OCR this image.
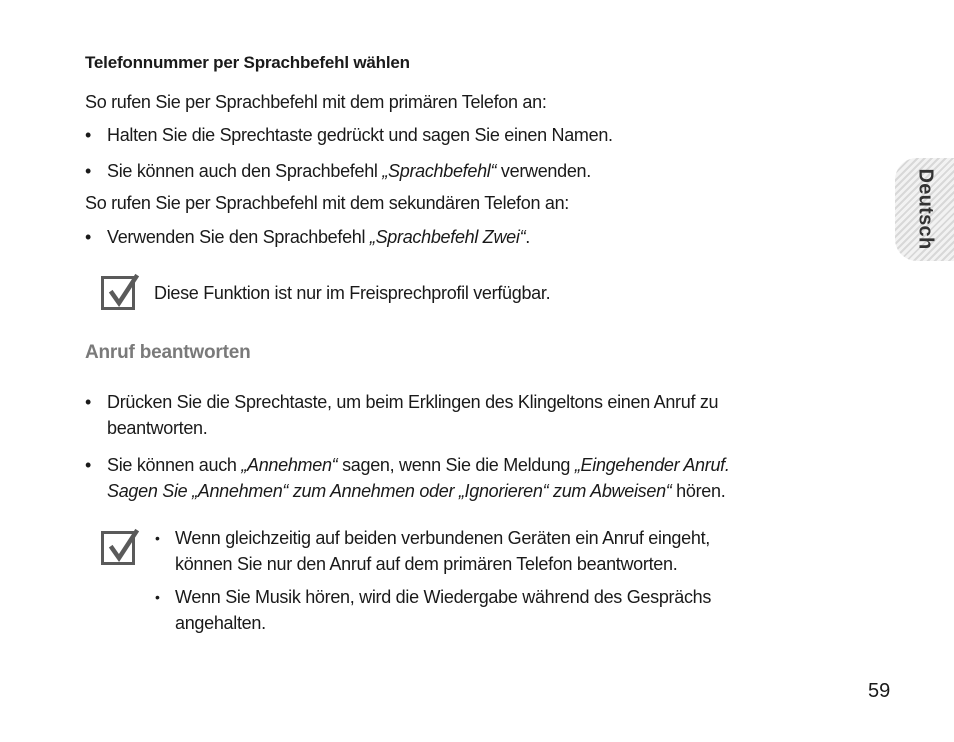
Telefonnummer per Sprachbefehl wählen
So rufen Sie per Sprachbefehl mit dem primären Telefon an:
• Halten Sie die Sprechtaste gedrückt und sagen Sie einen Namen.
• Sie können auch den Sprachbefehl „Sprachbefehl“ verwenden.
So rufen Sie per Sprachbefehl mit dem sekundären Telefon an:
• Verwenden Sie den Sprachbefehl „Sprachbefehl Zwei“.
Diese Funktion ist nur im Freisprechprofil verfügbar.
Anruf beantworten
• Drücken Sie die Sprechtaste, um beim Erklingen des Klingeltons einen Anruf zu
beantworten.
• Sie können auch „Annehmen“ sagen, wenn Sie die Meldung „Eingehender Anruf.
Sagen Sie „Annehmen“ zum Annehmen oder „Ignorieren“ zum Abweisen“ hören.
• Wenn gleichzeitig auf beiden verbundenen Geräten ein Anruf eingeht,
können Sie nur den Anruf auf dem primären Telefon beantworten.
• Wenn Sie Musik hören, wird die Wiedergabe während des Gesprächs
angehalten.
Deutsch
59
